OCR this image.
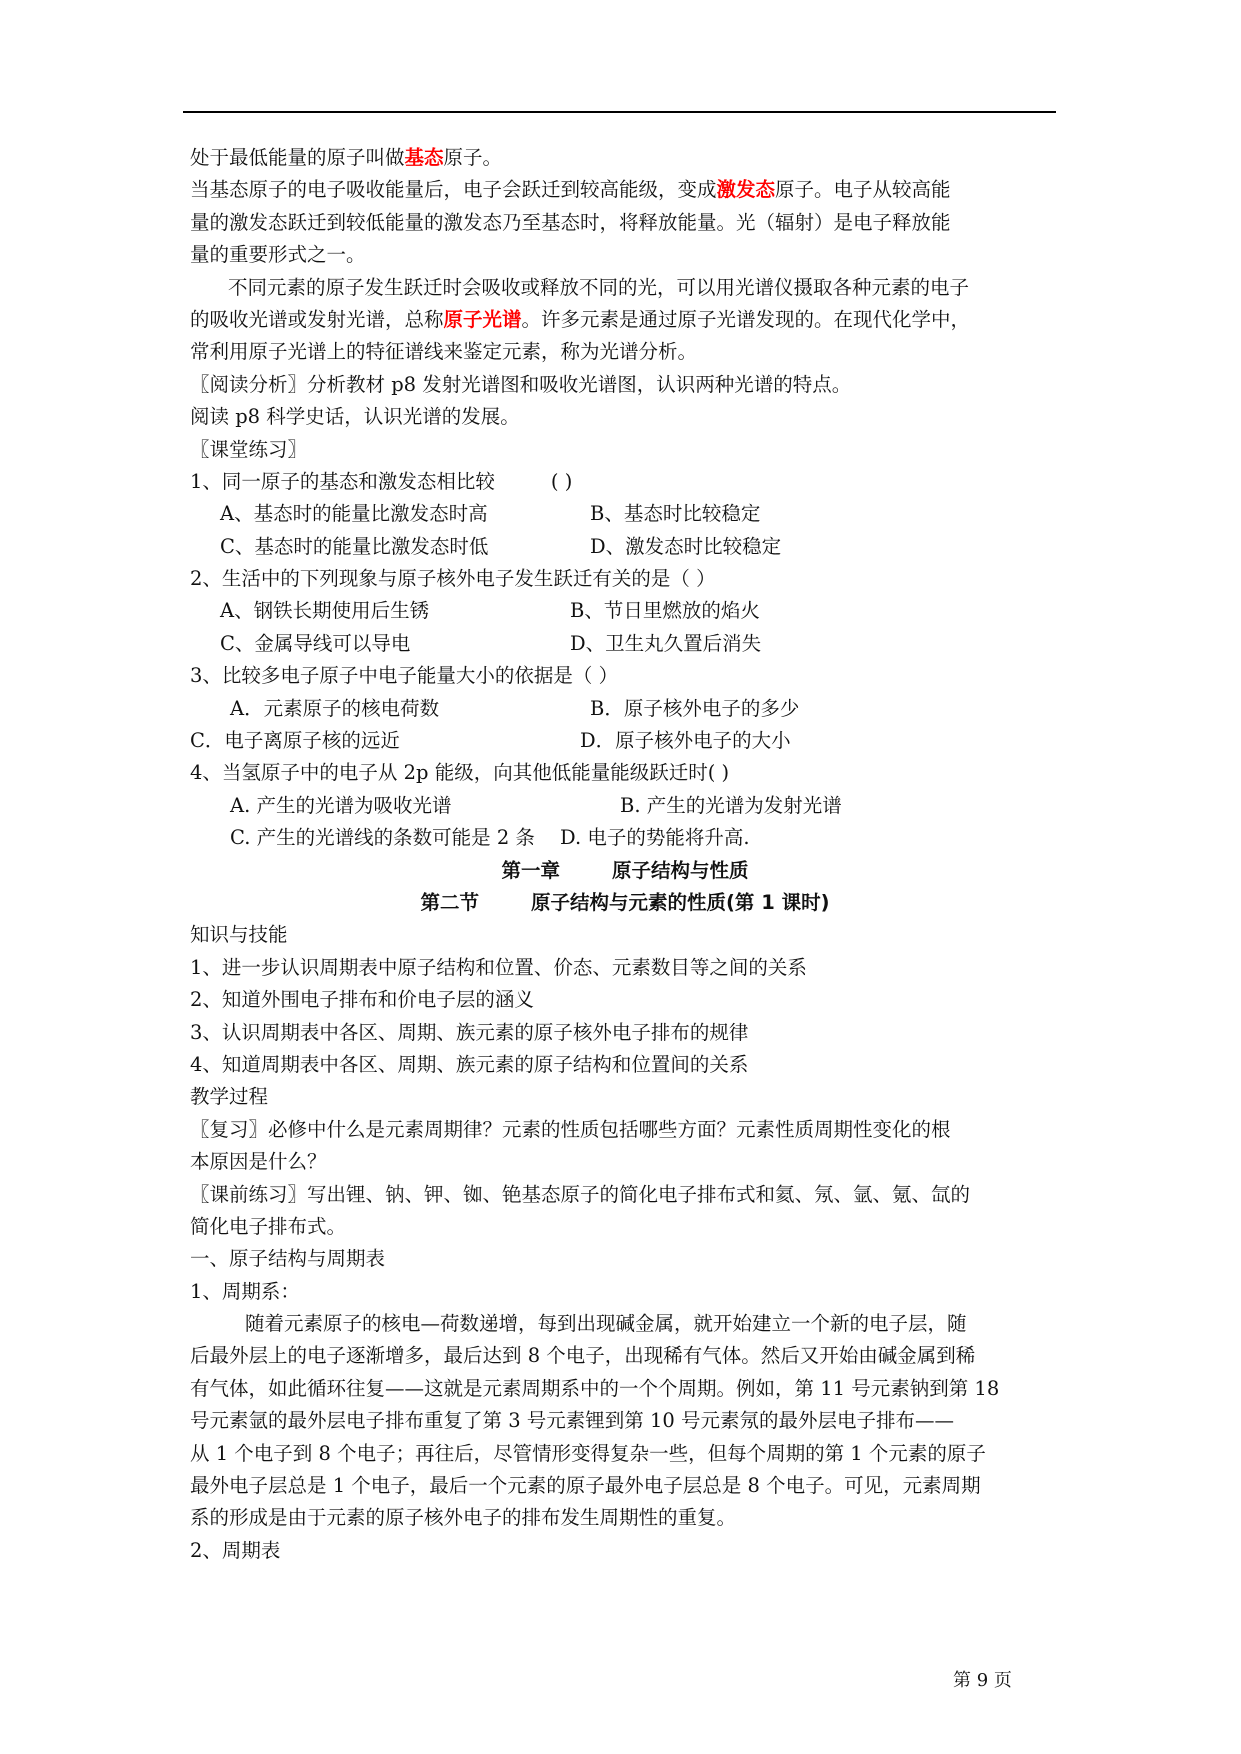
处于最低能量的原子叫做基态原子。
当基态原子的电子吸收能量后，电子会跃迁到较高能级，变成激发态原子。电子从较高能
量的激发态跃迁到较低能量的激发态乃至基态时，将释放能量。光（辐射）是电子释放能
量的重要形式之一。
不同元素的原子发生跃迁时会吸收或释放不同的光，可以用光谱仪摄取各种元素的电子
的吸收光谱或发射光谱，总称原子光谱。许多元素是通过原子光谱发现的。在现代化学中，
常利用原子光谱上的特征谱线来鉴定元素，称为光谱分析。
〖阅读分析〗分析教材 p8 发射光谱图和吸收光谱图，认识两种光谱的特点。
阅读 p8 科学史话，认识光谱的发展。
〖课堂练习〗
1、同一原子的基态和激发态相比较	( )
A、基态时的能量比激发态时高	B、基态时比较稳定
C、基态时的能量比激发态时低	D、激发态时比较稳定
2、生活中的下列现象与原子核外电子发生跃迁有关的是（ ）
A、钢铁长期使用后生锈	B、节日里燃放的焰火
C、金属导线可以导电	D、卫生丸久置后消失
3、比较多电子原子中电子能量大小的依据是（ ）
A．元素原子的核电荷数	B．原子核外电子的多少
C．电子离原子核的远近	D．原子核外电子的大小
4、当氢原子中的电子从 2p 能级，向其他低能量能级跃迁时( )
A. 产生的光谱为吸收光谱	B. 产生的光谱为发射光谱
C. 产生的光谱线的条数可能是 2 条 D. 电子的势能将升高.
第一章	原子结构与性质
第二节	原子结构与元素的性质(第 1 课时)
知识与技能
1、进一步认识周期表中原子结构和位置、价态、元素数目等之间的关系
2、知道外围电子排布和价电子层的涵义
3、认识周期表中各区、周期、族元素的原子核外电子排布的规律
4、知道周期表中各区、周期、族元素的原子结构和位置间的关系
教学过程
〖复习〗必修中什么是元素周期律？元素的性质包括哪些方面？元素性质周期性变化的根
本原因是什么？
〖课前练习〗写出锂、钠、钾、铷、铯基态原子的简化电子排布式和氦、氖、氩、氪、氙的
简化电子排布式。
一、原子结构与周期表
1、周期系：
随着元素原子的核电—荷数递增，每到出现碱金属，就开始建立一个新的电子层，随
后最外层上的电子逐渐增多，最后达到 8 个电子，出现稀有气体。然后又开始由碱金属到稀
有气体，如此循环往复——这就是元素周期系中的一个个周期。例如，第 11 号元素钠到第 18
号元素氩的最外层电子排布重复了第 3 号元素锂到第 10 号元素氖的最外层电子排布——
从 1 个电子到 8 个电子；再往后，尽管情形变得复杂一些，但每个周期的第 1 个元素的原子
最外电子层总是 1 个电子，最后一个元素的原子最外电子层总是 8 个电子。可见，元素周期
系的形成是由于元素的原子核外电子的排布发生周期性的重复。
2、周期表
第 9 页
